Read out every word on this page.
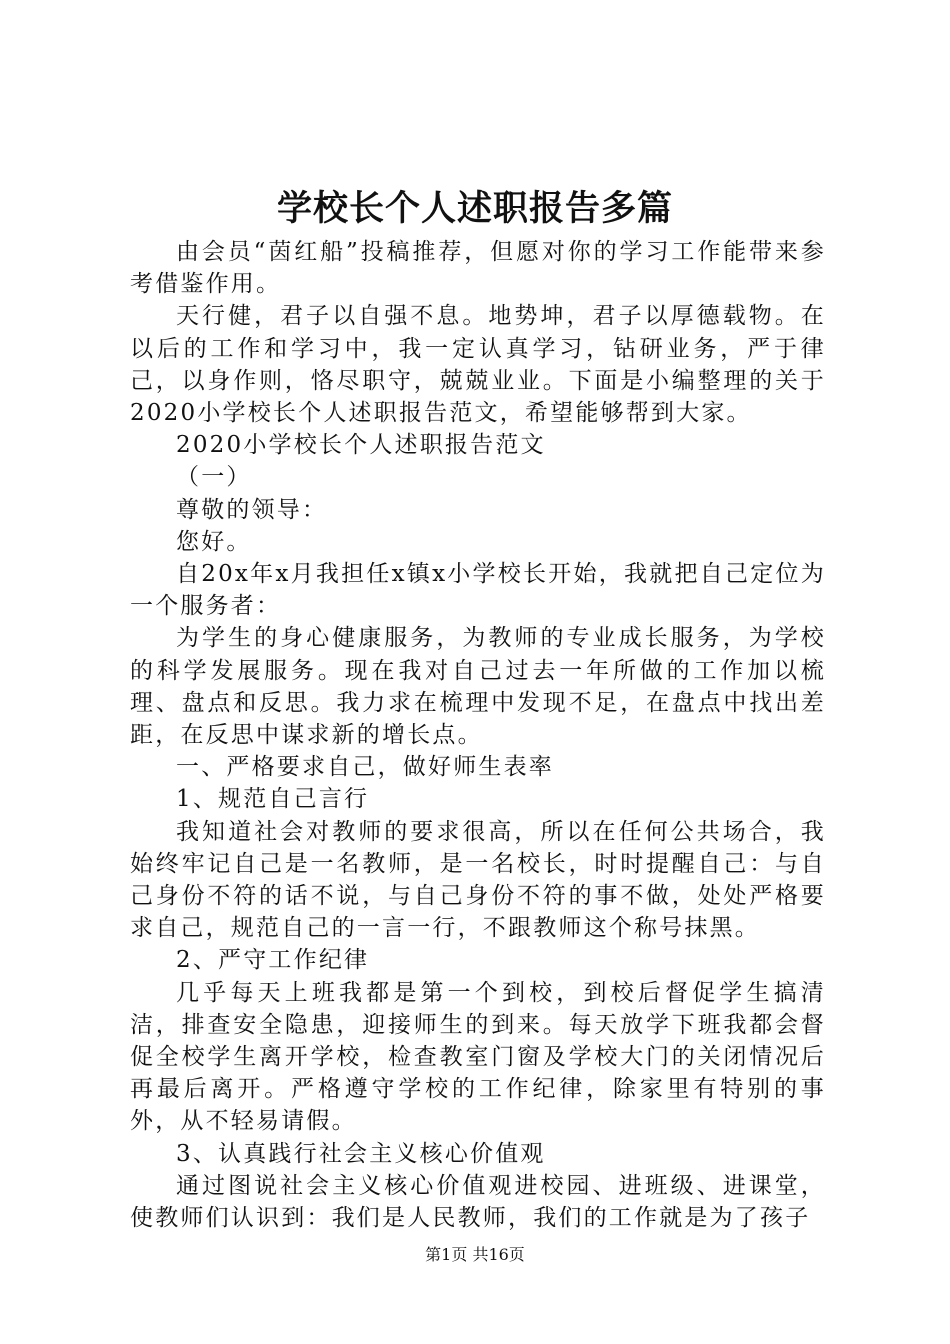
学校长个人述职报告多篇

由会员“茵红船”投稿推荐，但愿对你的学习工作能带来参考借鉴作用。

天行健，君子以自强不息。地势坤，君子以厚德载物。在以后的工作和学习中，我一定认真学习，钻研业务，严于律己，以身作则，恪尽职守，兢兢业业。下面是小编整理的关于2020小学校长个人述职报告范文，希望能够帮到大家。

2020小学校长个人述职报告范文

（一）

尊敬的领导：

您好。

自20x年x月我担任x镇x小学校长开始，我就把自己定位为一个服务者：

为学生的身心健康服务，为教师的专业成长服务，为学校的科学发展服务。现在我对自己过去一年所做的工作加以梳理、盘点和反思。我力求在梳理中发现不足，在盘点中找出差距，在反思中谋求新的增长点。

一、严格要求自己，做好师生表率

1、规范自己言行

我知道社会对教师的要求很高，所以在任何公共场合，我始终牢记自己是一名教师，是一名校长，时时提醒自己：与自己身份不符的话不说，与自己身份不符的事不做，处处严格要求自己，规范自己的一言一行，不跟教师这个称号抹黑。

2、严守工作纪律

几乎每天上班我都是第一个到校，到校后督促学生搞清洁，排查安全隐患，迎接师生的到来。每天放学下班我都会督促全校学生离开学校，检查教室门窗及学校大门的关闭情况后再最后离开。严格遵守学校的工作纪律，除家里有特别的事外，从不轻易请假。

3、认真践行社会主义核心价值观

通过图说社会主义核心价值观进校园、进班级、进课堂，使教师们认识到：我们是人民教师，我们的工作就是为了孩子

第1页 共16页
